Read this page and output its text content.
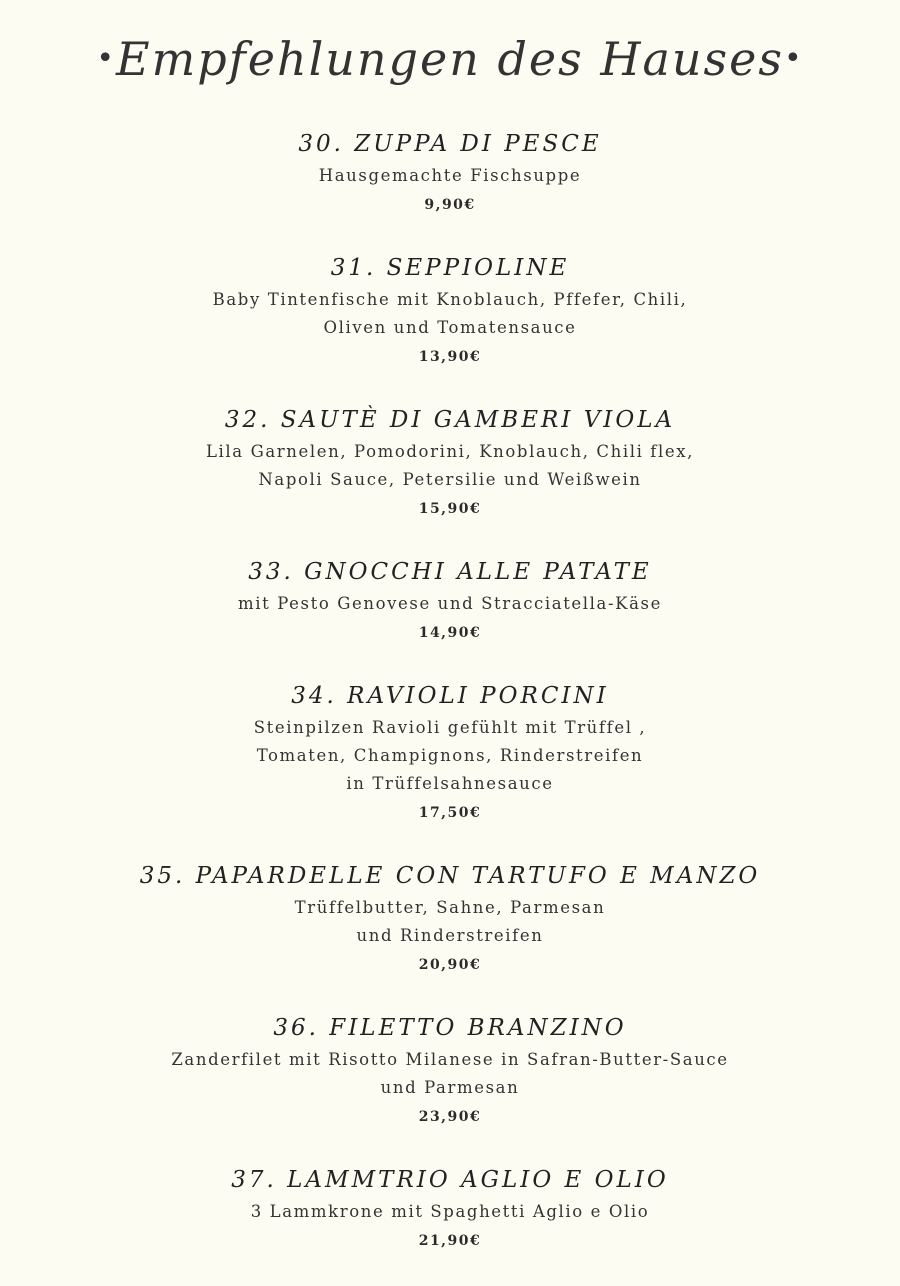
•Empfehlungen des Hauses•
30. ZUPPA DI PESCE
Hausgemachte Fischsuppe
9,90€
31. SEPPIOLINE
Baby Tintenfische mit Knoblauch, Pffefer, Chili,
Oliven und Tomatensauce
13,90€
32. SAUTÈ DI GAMBERI VIOLA
Lila Garnelen, Pomodorini, Knoblauch, Chili flex,
Napoli Sauce, Petersilie und Weißwein
15,90€
33. GNOCCHI ALLE PATATE
mit Pesto Genovese und Stracciatella-Käse
14,90€
34. RAVIOLI PORCINI
Steinpilzen Ravioli gefühlt mit Trüffel ,
Tomaten, Champignons, Rinderstreifen
in Trüffelsahnesauce
17,50€
35. PAPARDELLE CON TARTUFO E MANZO
Trüffelbutter, Sahne, Parmesan
und Rinderstreifen
20,90€
36. FILETTO BRANZINO
Zanderfilet mit Risotto Milanese in Safran-Butter-Sauce
und Parmesan
23,90€
37. LAMMTRIO AGLIO E OLIO
3 Lammkrone mit Spaghetti Aglio e Olio
21,90€
